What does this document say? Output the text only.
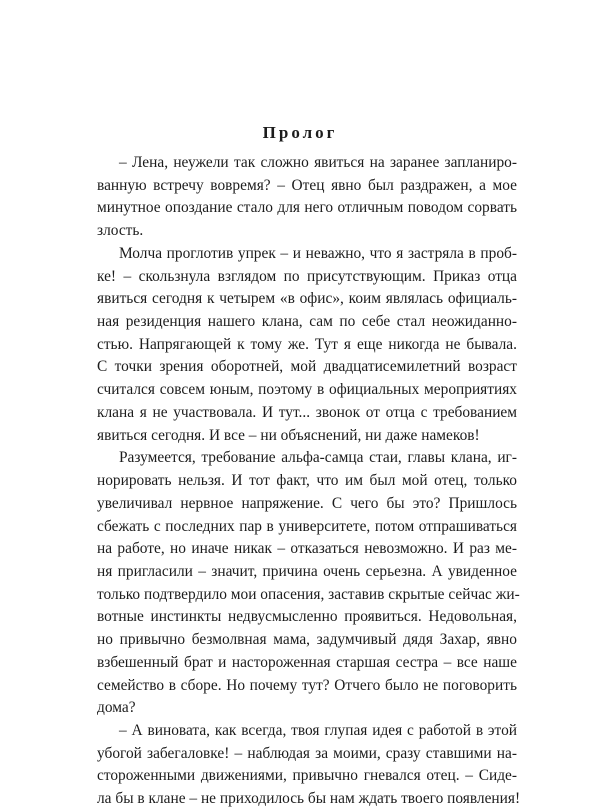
Пролог
– Лена, неужели так сложно явиться на заранее запланиро-
ванную встречу вовремя? – Отец явно был раздражен, а мое
минутное опоздание стало для него отличным поводом сорвать
злость.
Молча проглотив упрек – и неважно, что я застряла в проб-
ке! – скользнула взглядом по присутствующим. Приказ отца
явиться сегодня к четырем «в офис», коим являлась официаль-
ная резиденция нашего клана, сам по себе стал неожиданно-
стью. Напрягающей к тому же. Тут я еще никогда не бывала.
С точки зрения оборотней, мой двадцатисемилетний возраст
считался совсем юным, поэтому в официальных мероприятиях
клана я не участвовала. И тут... звонок от отца с требованием
явиться сегодня. И все – ни объяснений, ни даже намеков!
Разумеется, требование альфа-самца стаи, главы клана, иг-
норировать нельзя. И тот факт, что им был мой отец, только
увеличивал нервное напряжение. С чего бы это? Пришлось
сбежать с последних пар в университете, потом отпрашиваться
на работе, но иначе никак – отказаться невозможно. И раз ме-
ня пригласили – значит, причина очень серьезна. А увиденное
только подтвердило мои опасения, заставив скрытые сейчас жи-
вотные инстинкты недвусмысленно проявиться. Недовольная,
но привычно безмолвная мама, задумчивый дядя Захар, явно
взбешенный брат и настороженная старшая сестра – все наше
семейство в сборе. Но почему тут? Отчего было не поговорить
дома?
– А виновата, как всегда, твоя глупая идея с работой в этой
убогой забегаловке! – наблюдая за моими, сразу ставшими на-
стороженными движениями, привычно гневался отец. – Сиде-
ла бы в клане – не приходилось бы нам ждать твоего появления!
